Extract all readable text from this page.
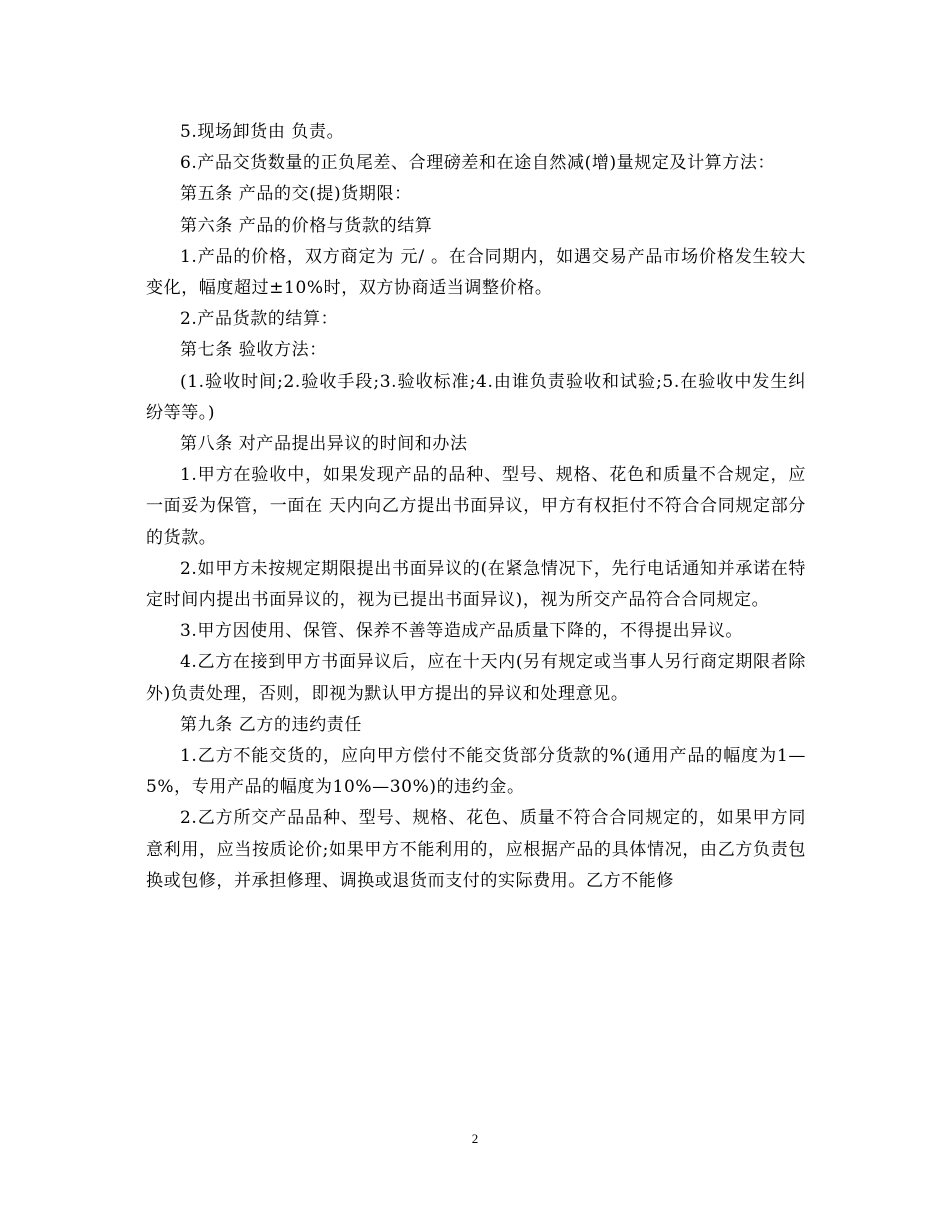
5.现场卸货由 负责。

6.产品交货数量的正负尾差、合理磅差和在途自然减(增)量规定及计算方法：

第五条 产品的交(提)货期限：

第六条 产品的价格与货款的结算

1.产品的价格，双方商定为 元/ 。在合同期内，如遇交易产品市场价格发生较大变化，幅度超过±10%时，双方协商适当调整价格。

2.产品货款的结算：

第七条 验收方法：

(1.验收时间;2.验收手段;3.验收标准;4.由谁负责验收和试验;5.在验收中发生纠纷等等。)

第八条 对产品提出异议的时间和办法

1.甲方在验收中，如果发现产品的品种、型号、规格、花色和质量不合规定，应一面妥为保管，一面在 天内向乙方提出书面异议，甲方有权拒付不符合合同规定部分的货款。

2.如甲方未按规定期限提出书面异议的(在紧急情况下，先行电话通知并承诺在特定时间内提出书面异议的，视为已提出书面异议)，视为所交产品符合合同规定。

3.甲方因使用、保管、保养不善等造成产品质量下降的，不得提出异议。

4.乙方在接到甲方书面异议后，应在十天内(另有规定或当事人另行商定期限者除外)负责处理，否则，即视为默认甲方提出的异议和处理意见。

第九条 乙方的违约责任

1.乙方不能交货的，应向甲方偿付不能交货部分货款的%(通用产品的幅度为1—5%，专用产品的幅度为10%—30%)的违约金。

2.乙方所交产品品种、型号、规格、花色、质量不符合合同规定的，如果甲方同意利用，应当按质论价;如果甲方不能利用的，应根据产品的具体情况，由乙方负责包换或包修，并承担修理、调换或退货而支付的实际费用。乙方不能修

2
